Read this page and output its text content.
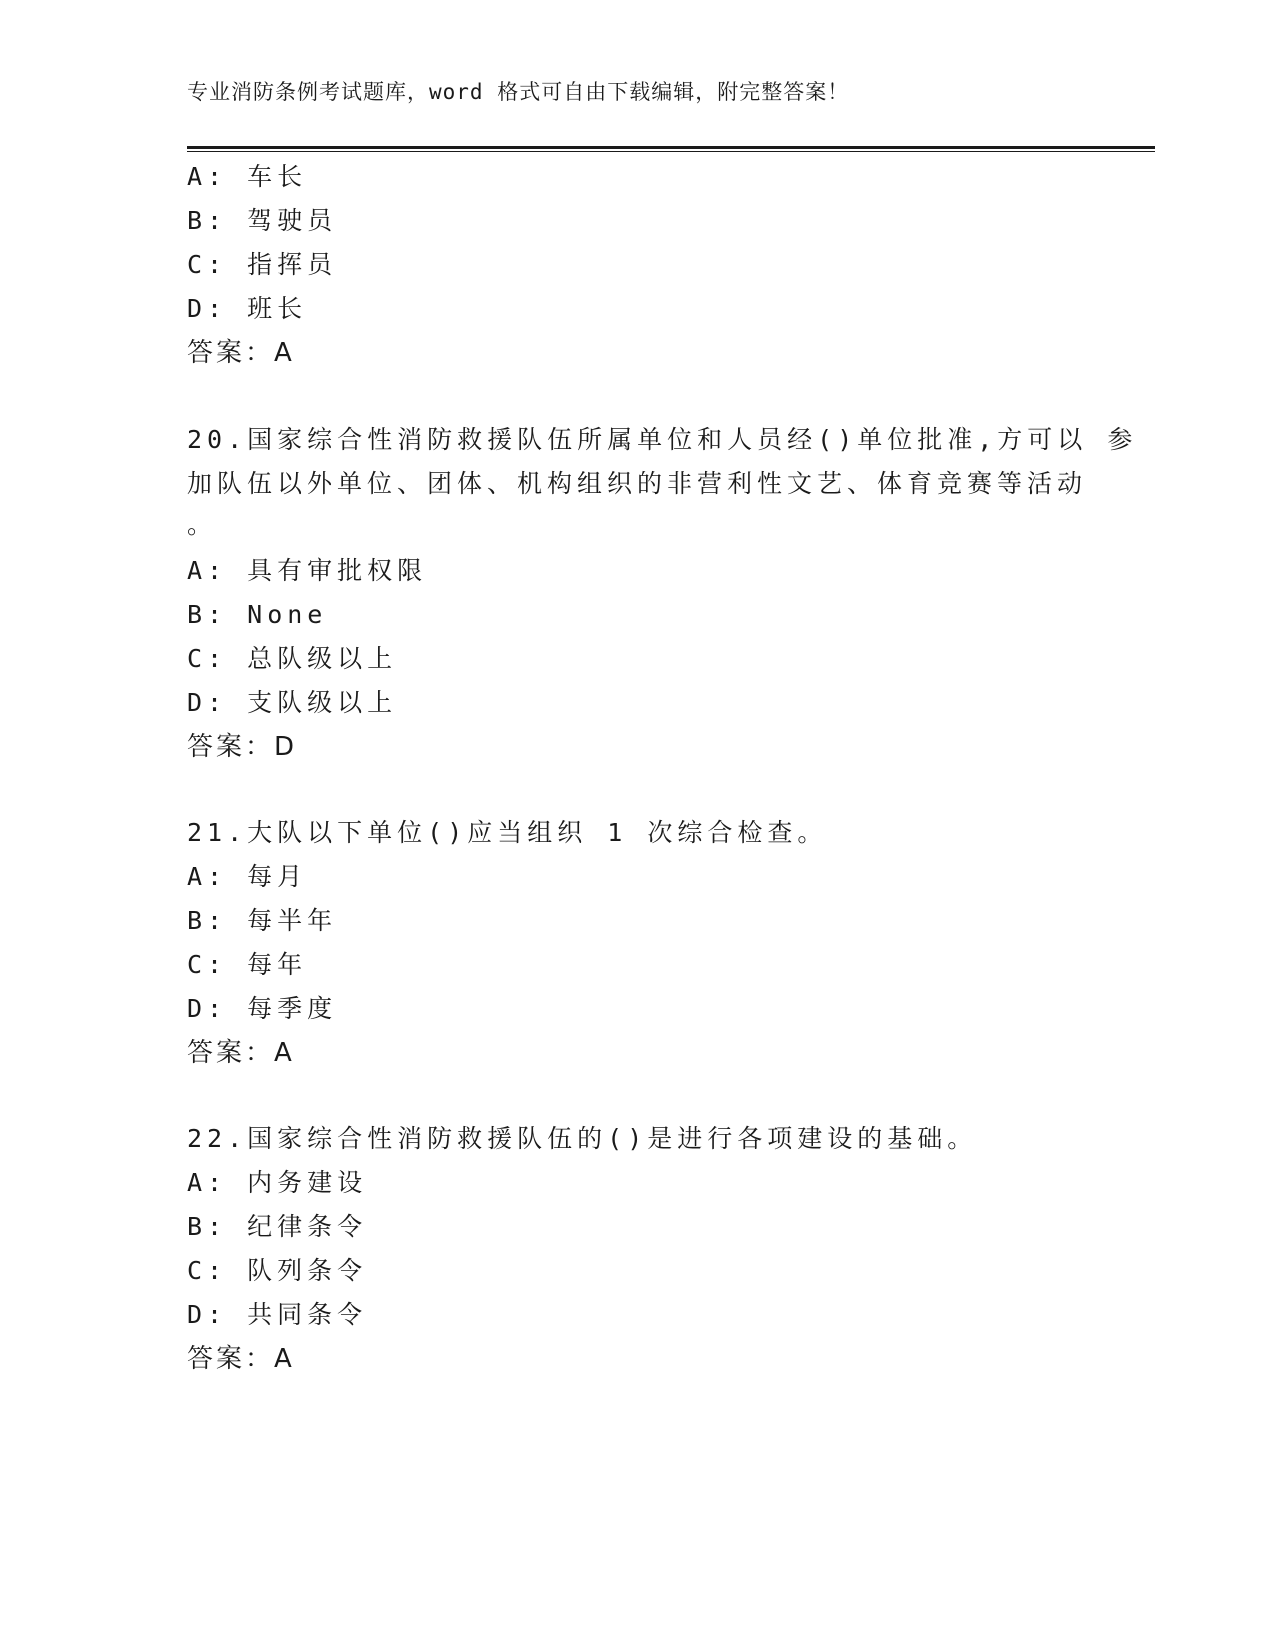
专业消防条例考试题库，word 格式可自由下载编辑，附完整答案！
A: 车长
B: 驾驶员
C: 指挥员
D: 班长
答案：A
20.国家综合性消防救援队伍所属单位和人员经()单位批准,方可以 参
加队伍以外单位、团体、机构组织的非营利性文艺、体育竞赛等活动
。
A: 具有审批权限
B: None
C: 总队级以上
D: 支队级以上
答案：D
21.大队以下单位()应当组织 1 次综合检查。
A: 每月
B: 每半年
C: 每年
D: 每季度
答案：A
22.国家综合性消防救援队伍的()是进行各项建设的基础。
A: 内务建设
B: 纪律条令
C: 队列条令
D: 共同条令
答案：A
